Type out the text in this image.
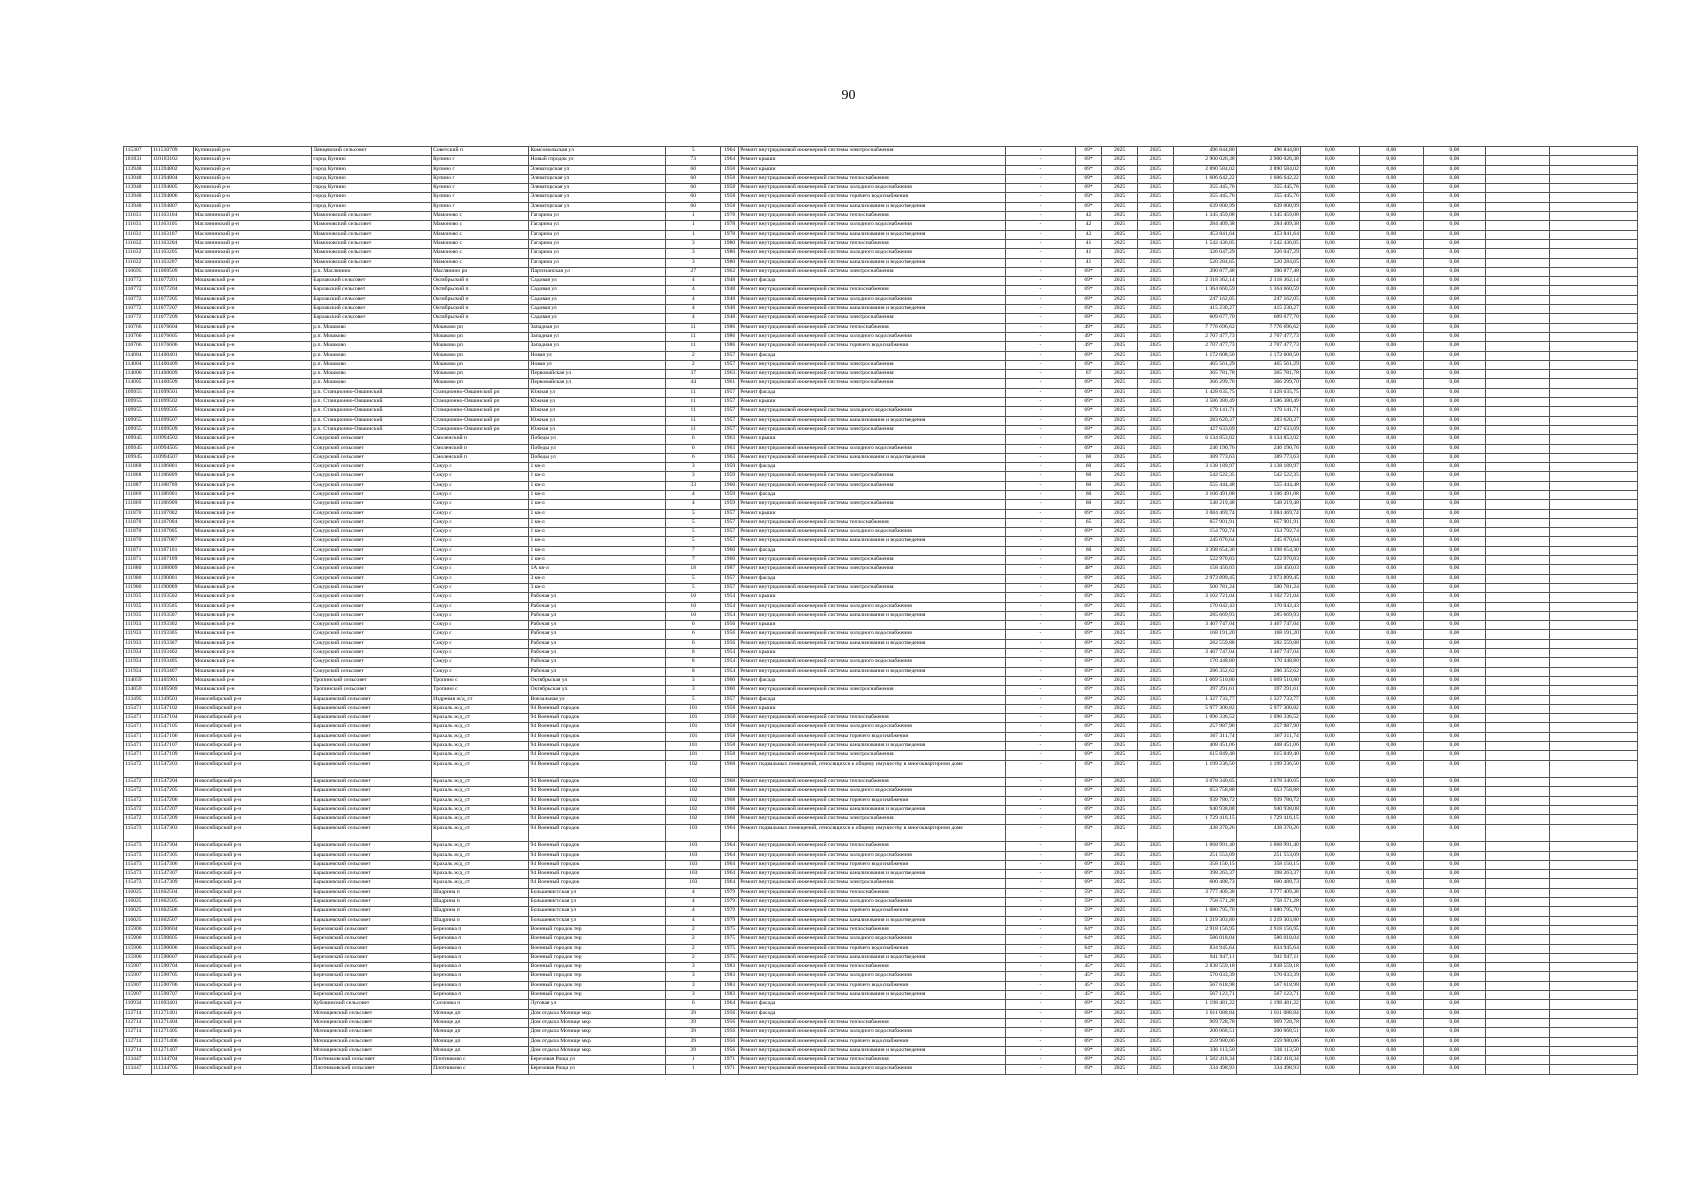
90
115307	111530709	Купинский р-н	Лянцевский сельсовет	Советский п	Комсомольская ул	5	1964	Ремонт внутридомовой инженерной системы электроснабжения	-	69*	2025	2025	496 844,80	496 844,80	0,00	0,00	0,00		
101831	110183102	Купинский р-н	город Купино	Купино г	Новый городок ул	73	1964	Ремонт крыши	-	69*	2025	2025	2 900 026,38	2 900 026,38	0,00	0,00	0,00		
113948	111394802	Купинский р-н	город Купино	Купино г	Элеваторская ул	60	1958	Ремонт крыши	-	69*	2025	2025	2 890 584,02	2 890 584,02	0,00	0,00	0,00		
113948	111394804	Купинский р-н	город Купино	Купино г	Элеваторская ул	60	1958	Ремонт внутридомовой инженерной системы теплоснабжения	-	69*	2025	2025	1 606 642,22	1 606 642,22	0,00	0,00	0,00		
113948	111394805	Купинский р-н	город Купино	Купино г	Элеваторская ул	60	1958	Ремонт внутридомовой инженерной системы холодного водоснабжения	-	69*	2025	2025	355 445,76	355 445,76	0,00	0,00	0,00		
113948	111394806	Купинский р-н	город Купино	Купино г	Элеваторская ул	60	1958	Ремонт внутридомовой инженерной системы горячего водоснабжения	-	69*	2025	2025	355 445,76	355 445,76	0,00	0,00	0,00		
113948	111394807	Купинский р-н	город Купино	Купино г	Элеваторская ул	60	1958	Ремонт внутридомовой инженерной системы канализования и водоотведения	-	69*	2025	2025	639 000,99	639 000,99	0,00	0,00	0,00		
111631	111163104	Маслянинский р-н	Мамоновский сельсовет	Мамоново с	Гагарина ул	1	1978	Ремонт внутридомовой инженерной системы теплоснабжения	-	42	2025	2025	1 345 459,08	1 345 459,08	0,00	0,00	0,00		
111631	111163105	Маслянинский р-н	Мамоновский сельсовет	Мамоново с	Гагарина ул	1	1978	Ремонт внутридомовой инженерной системы холодного водоснабжения	-	42	2025	2025	284 409,38	284 409,38	0,00	0,00	0,00		
111631	111163107	Маслянинский р-н	Мамоновский сельсовет	Мамоново с	Гагарина ул	1	1978	Ремонт внутридомовой инженерной системы канализования и водоотведения	-	42	2025	2025	453 841,64	453 841,64	0,00	0,00	0,00		
111632	111163204	Маслянинский р-н	Мамоновский сельсовет	Мамоново с	Гагарина ул	3	1980	Ремонт внутридомовой инженерной системы теплоснабжения	-	41	2025	2025	1 542 436,05	1 542 436,05	0,00	0,00	0,00		
111632	111163205	Маслянинский р-н	Мамоновский сельсовет	Мамоново с	Гагарина ул	3	1980	Ремонт внутридомовой инженерной системы холодного водоснабжения	-	41	2025	2025	326 047,29	326 047,29	0,00	0,00	0,00		
111632	111163207	Маслянинский р-н	Мамоновский сельсовет	Мамоново с	Гагарина ул	3	1980	Ремонт внутридомовой инженерной системы канализования и водоотведения	-	41	2025	2025	520 284,65	520 284,65	0,00	0,00	0,00		
110695	111069509	Маслянинский р-н	р.п. Маслянино	Маслянино рп	Партизанская ул	27	1962	Ремонт внутридомовой инженерной системы электроснабжения	-	69*	2025	2025	390 877,48	390 877,48	0,00	0,00	0,00		
110772	111077201	Мошковский р-н	Барлакский сельсовет	Октябрьский п	Садовая ул	4	1948	Ремонт фасада	-	69*	2025	2025	2 318 362,14	2 318 362,14	0,00	0,00	0,00		
110772	111077204	Мошковский р-н	Барлакский сельсовет	Октябрьский п	Садовая ул	4	1948	Ремонт внутридомовой инженерной системы теплоснабжения	-	69*	2025	2025	1 364 660,59	1 364 660,59	0,00	0,00	0,00		
110772	111077205	Мошковский р-н	Барлакский сельсовет	Октябрьский п	Садовая ул	4	1948	Ремонт внутридомовой инженерной системы холодного водоснабжения	-	69*	2025	2025	247 162,05	247 162,05	0,00	0,00	0,00		
110772	111077207	Мошковский р-н	Барлакский сельсовет	Октябрьский п	Садовая ул	4	1948	Ремонт внутридомовой инженерной системы канализования и водоотведения	-	69*	2025	2025	415 230,27	415 230,27	0,00	0,00	0,00		
110772	111077209	Мошковский р-н	Барлакский сельсовет	Октябрьский п	Садовая ул	4	1948	Ремонт внутридомовой инженерной системы электроснабжения	-	69*	2025	2025	609 677,70	609 677,70	0,00	0,00	0,00		
110766	111076604	Мошковский р-н	р.п. Мошково	Мошково рп	Западная ул	11	1986	Ремонт внутридомовой инженерной системы теплоснабжения	-	49*	2025	2025	7 776 696,62	7 776 696,62	0,00	0,00	0,00		
110766	111076605	Мошковский р-н	р.п. Мошково	Мошково рп	Западная ул	11	1986	Ремонт внутридомовой инженерной системы холодного водоснабжения	-	49*	2025	2025	2 707 477,73	2 707 477,73	0,00	0,00	0,00		
110766	111076606	Мошковский р-н	р.п. Мошково	Мошково рп	Западная ул	11	1986	Ремонт внутридомовой инженерной системы горячего водоснабжения	-	49*	2025	2025	2 707 477,73	2 707 477,73	0,00	0,00	0,00		
114004	111400401	Мошковский р-н	р.п. Мошково	Мошково рп	Новая ул	2	1957	Ремонт фасада	-	69*	2025	2025	1 172 608,50	1 172 608,50	0,00	0,00	0,00		
114004	111400409	Мошковский р-н	р.п. Мошково	Мошково рп	Новая ул	2	1957	Ремонт внутридомовой инженерной системы электроснабжения	-	69*	2025	2025	465 561,29	465 561,29	0,00	0,00	0,00		
114006	111400609	Мошковский р-н	р.п. Мошково	Мошково рп	Первомайская ул	37	1963	Ремонт внутридомовой инженерной системы электроснабжения	-	67	2025	2025	365 781,78	365 781,78	0,00	0,00	0,00		
114005	111400509	Мошковский р-н	р.п. Мошково	Мошково рп	Первомайская ул	44	1961	Ремонт внутридомовой инженерной системы электроснабжения	-	69*	2025	2025	366 299,70	366 299,70	0,00	0,00	0,00		
109955	111099501	Мошковский р-н	р.п. Станционно-Ояшинский	Станционно-Ояшинский рп	Южная ул	11	1957	Ремонт фасада	-	69*	2025	2025	1 428 635,75	1 428 635,75	0,00	0,00	0,00		
109955	111099502	Мошковский р-н	р.п. Станционно-Ояшинский	Станционно-Ояшинский рп	Южная ул	11	1957	Ремонт крыши	-	69*	2025	2025	3 586 380,49	3 586 380,49	0,00	0,00	0,00		
109955	111099505	Мошковский р-н	р.п. Станционно-Ояшинский	Станционно-Ояшинский рп	Южная ул	11	1957	Ремонт внутридомовой инженерной системы холодного водоснабжения	-	69*	2025	2025	179 141,71	179 141,71	0,00	0,00	0,00		
109955	111099507	Мошковский р-н	р.п. Станционно-Ояшинский	Станционно-Ояшинский рп	Южная ул	11	1957	Ремонт внутридомовой инженерной системы канализования и водоотведения	-	69*	2025	2025	283 620,37	283 620,37	0,00	0,00	0,00		
109955	111099509	Мошковский р-н	р.п. Станционно-Ояшинский	Станционно-Ояшинский рп	Южная ул	11	1957	Ремонт внутридомовой инженерной системы электроснабжения	-	69*	2025	2025	427 633,69	427 633,69	0,00	0,00	0,00		
109945	110994502	Мошковский р-н	Сокурский сельсовет	Смоленский п	Победы ул	6	1963	Ремонт крыши	-	69*	2025	2025	6 134 853,02	6 134 853,02	0,00	0,00	0,00		
109945	110994505	Мошковский р-н	Сокурский сельсовет	Смоленский п	Победы ул	6	1963	Ремонт внутридомовой инженерной системы холодного водоснабжения	-	69*	2025	2025	246 190,76	246 190,76	0,00	0,00	0,00		
109945	110994507	Мошковский р-н	Сокурский сельсовет	Смоленский п	Победы ул	6	1963	Ремонт внутридомовой инженерной системы канализования и водоотведения	-	60	2025	2025	389 773,63	389 773,63	0,00	0,00	0,00		
111868	111186801	Мошковский р-н	Сокурский сельсовет	Сокур с	1 кв-л	3	1959	Ремонт фасада	-	60	2025	2025	3 138 189,97	3 138 189,97	0,00	0,00	0,00		
111868	111186809	Мошковский р-н	Сокурский сельсовет	Сокур с	1 кв-л	3	1959	Ремонт внутридомовой инженерной системы электроснабжения	-	60	2025	2025	542 522,35	542 522,35	0,00	0,00	0,00		
111887	111188709	Мошковский р-н	Сокурский сельсовет	Сокур с	1 кв-л	33	1960	Ремонт внутридомовой инженерной системы электроснабжения	-	60	2025	2025	555 444,48	555 444,48	0,00	0,00	0,00		
111869	111186901	Мошковский р-н	Сокурский сельсовет	Сокур с	1 кв-л	4	1959	Ремонт фасада	-	60	2025	2025	3 106 491,08	3 106 491,08	0,00	0,00	0,00		
111869	111186909	Мошковский р-н	Сокурский сельсовет	Сокур с	1 кв-л	4	1959	Ремонт внутридомовой инженерной системы электроснабжения	-	60	2025	2025	548 219,48	548 219,48	0,00	0,00	0,00		
111870	111187002	Мошковский р-н	Сокурский сельсовет	Сокур с	1 кв-л	5	1957	Ремонт крыши	-	69*	2025	2025	3 084 469,74	3 084 469,74	0,00	0,00	0,00		
111870	111187004	Мошковский р-н	Сокурский сельсовет	Сокур с	1 кв-л	5	1957	Ремонт внутридомовой инженерной системы теплоснабжения	-	65	2025	2025	657 901,91	657 901,91	0,00	0,00	0,00		
111870	111187005	Мошковский р-н	Сокурский сельсовет	Сокур с	1 кв-л	5	1957	Ремонт внутридомовой инженерной системы холодного водоснабжения	-	69*	2025	2025	154 792,74	154 792,74	0,00	0,00	0,00		
111870	111187007	Мошковский р-н	Сокурский сельсовет	Сокур с	1 кв-л	5	1957	Ремонт внутридомовой инженерной системы канализования и водоотведения	-	69*	2025	2025	245 070,64	245 070,64	0,00	0,00	0,00		
111871	111187101	Мошковский р-н	Сокурский сельсовет	Сокур с	1 кв-л	7	1960	Ремонт фасада	-	60	2025	2025	3 398 654,30	3 398 654,30	0,00	0,00	0,00		
111871	111187109	Мошковский р-н	Сокурский сельсовет	Сокур с	1 кв-л	7	1960	Ремонт внутридомовой инженерной системы электроснабжения	-	69*	2025	2025	522 970,83	522 970,83	0,00	0,00	0,00		
111880	111188009	Мошковский р-н	Сокурский сельсовет	Сокур с	1А кв-л	18	1987	Ремонт внутридомовой инженерной системы электроснабжения	-	48*	2025	2025	158 450,03	158 450,03	0,00	0,00	0,00		
111900	111190001	Мошковский р-н	Сокурский сельсовет	Сокур с	3 кв-л	5	1957	Ремонт фасада	-	69*	2025	2025	2 973 899,45	2 973 899,45	0,00	0,00	0,00		
111900	111190009	Мошковский р-н	Сокурский сельсовет	Сокур с	3 кв-л	5	1957	Ремонт внутридомовой инженерной системы электроснабжения	-	69*	2025	2025	500 781,24	500 781,24	0,00	0,00	0,00		
111935	111193502	Мошковский р-н	Сокурский сельсовет	Сокур с	Рабочая ул	10	1954	Ремонт крыши	-	69*	2025	2025	3 102 721,04	3 102 721,04	0,00	0,00	0,00		
111935	111193505	Мошковский р-н	Сокурский сельсовет	Сокур с	Рабочая ул	10	1954	Ремонт внутридомовой инженерной системы холодного водоснабжения	-	69*	2025	2025	170 042,43	170 042,43	0,00	0,00	0,00		
111935	111193507	Мошковский р-н	Сокурский сельсовет	Сокур с	Рабочая ул	10	1954	Ремонт внутридомовой инженерной системы канализования и водоотведения	-	69*	2025	2025	285 669,93	285 669,93	0,00	0,00	0,00		
111933	111193302	Мошковский р-н	Сокурский сельсовет	Сокур с	Рабочая ул	6	1956	Ремонт крыши	-	69*	2025	2025	3 467 747,04	3 467 747,04	0,00	0,00	0,00		
111933	111193305	Мошковский р-н	Сокурский сельсовет	Сокур с	Рабочая ул	6	1956	Ремонт внутридомовой инженерной системы холодного водоснабжения	-	69*	2025	2025	168 191,20	168 191,20	0,00	0,00	0,00		
111933	111193307	Мошковский р-н	Сокурский сельсовет	Сокур с	Рабочая ул	6	1956	Ремонт внутридомовой инженерной системы канализования и водоотведения	-	69*	2025	2025	282 559,88	282 559,88	0,00	0,00	0,00		
111934	111193402	Мошковский р-н	Сокурский сельсовет	Сокур с	Рабочая ул	8	1954	Ремонт крыши	-	69*	2025	2025	3 467 747,04	3 467 747,04	0,00	0,00	0,00		
111934	111193405	Мошковский р-н	Сокурский сельсовет	Сокур с	Рабочая ул	8	1954	Ремонт внутридомовой инженерной системы холодного водоснабжения	-	69*	2025	2025	170 448,80	170 448,80	0,00	0,00	0,00		
111934	111193407	Мошковский р-н	Сокурский сельсовет	Сокур с	Рабочая ул	8	1954	Ремонт внутридомовой инженерной системы канализования и водоотведения	-	69*	2025	2025	286 352,62	286 352,62	0,00	0,00	0,00		
114059	111405901	Мошковский р-н	Тропинский сельсовет	Тропино с	Октябрьская ул	3	1960	Ремонт фасада	-	69*	2025	2025	1 069 510,80	1 069 510,80	0,00	0,00	0,00		
114059	111405909	Мошковский р-н	Тропинский сельсовет	Тропино с	Октябрьская ул	3	1960	Ремонт внутридомовой инженерной системы электроснабжения	-	69*	2025	2025	397 291,61	397 291,61	0,00	0,00	0,00		
113495	111349501	Новосибирский р-н	Барышевский сельсовет	Издревая ж/д_ст	Вокзальная ул	5	1957	Ремонт фасада	-	69*	2025	2025	1 327 733,77	1 327 733,77	0,00	0,00	0,00		
115471	111547102	Новосибирский р-н	Барышевский сельсовет	Крахаль ж/д_ст	94 Военный городок	101	1958	Ремонт крыши	-	69*	2025	2025	5 977 300,82	5 977 300,82	0,00	0,00	0,00		
115471	111547104	Новосибирский р-н	Барышевский сельсовет	Крахаль ж/д_ст	94 Военный городок	101	1958	Ремонт внутридомовой инженерной системы теплоснабжения	-	69*	2025	2025	1 096 336,52	1 096 336,52	0,00	0,00	0,00		
115471	111547105	Новосибирский р-н	Барышевский сельсовет	Крахаль ж/д_ст	94 Военный городок	101	1958	Ремонт внутридомовой инженерной системы холодного водоснабжения	-	69*	2025	2025	257 987,90	257 987,90	0,00	0,00	0,00		
115471	111547106	Новосибирский р-н	Барышевский сельсовет	Крахаль ж/д_ст	94 Военный городок	101	1958	Ремонт внутридомовой инженерной системы горячего водоснабжения	-	69*	2025	2025	367 311,74	367 311,74	0,00	0,00	0,00		
115471	111547107	Новосибирский р-н	Барышевский сельсовет	Крахаль ж/д_ст	94 Военный городок	101	1958	Ремонт внутридомовой инженерной системы канализования и водоотведения	-	69*	2025	2025	408 451,06	408 451,06	0,00	0,00	0,00		
115471	111547109	Новосибирский р-н	Барышевский сельсовет	Крахаль ж/д_ст	94 Военный городок	101	1958	Ремонт внутридомовой инженерной системы электроснабжения	-	69*	2025	2025	615 849,40	615 849,40	0,00	0,00	0,00		
115472	111547203	Новосибирский р-н	Барышевский сельсовет	Крахаль ж/д_ст	94 Военный городок	102	1968	Ремонт подвальных помещений, относящихся к общему имуществу в многоквартирном доме	-	69*	2025	2025	1 199 236,50	1 199 236,50	0,00	0,00	0,00		
115472	111547204	Новосибирский р-н	Барышевский сельсовет	Крахаль ж/д_ст	94 Военный городок	102	1968	Ремонт внутридомовой инженерной системы теплоснабжения	-	69*	2025	2025	3 078 340,65	3 078 340,65	0,00	0,00	0,00		
115472	111547205	Новосибирский р-н	Барышевский сельсовет	Крахаль ж/д_ст	94 Военный городок	102	1968	Ремонт внутридомовой инженерной системы холодного водоснабжения	-	69*	2025	2025	653 758,88	653 758,88	0,00	0,00	0,00		
115472	111547206	Новосибирский р-н	Барышевский сельсовет	Крахаль ж/д_ст	94 Военный городок	102	1968	Ремонт внутридомовой инженерной системы горячего водоснабжения	-	69*	2025	2025	939 780,72	939 780,72	0,00	0,00	0,00		
115472	111547207	Новосибирский р-н	Барышевский сельсовет	Крахаль ж/д_ст	94 Военный городок	102	1968	Ремонт внутридомовой инженерной системы канализования и водоотведения	-	69*	2025	2025	940 938,08	940 938,08	0,00	0,00	0,00		
115472	111547209	Новосибирский р-н	Барышевский сельсовет	Крахаль ж/д_ст	94 Военный городок	102	1968	Ремонт внутридомовой инженерной системы электроснабжения	-	69*	2025	2025	1 729 416,15	1 729 416,15	0,00	0,00	0,00		
115473	111547303	Новосибирский р-н	Барышевский сельсовет	Крахаль ж/д_ст	94 Военный городок	103	1964	Ремонт подвальных помещений, относящихся к общему имуществу в многоквартирном доме	-	69*	2025	2025	438 370,26	438 370,26	0,00	0,00	0,00		
115473	111547304	Новосибирский р-н	Барышевский сельсовет	Крахаль ж/д_ст	94 Военный городок	103	1964	Ремонт внутридомовой инженерной системы теплоснабжения	-	69*	2025	2025	1 068 991,40	1 068 991,40	0,00	0,00	0,00		
115473	111547305	Новосибирский р-н	Барышевский сельсовет	Крахаль ж/д_ст	94 Военный городок	103	1964	Ремонт внутридомовой инженерной системы холодного водоснабжения	-	69*	2025	2025	251 553,09	251 553,09	0,00	0,00	0,00		
115473	111547306	Новосибирский р-н	Барышевский сельсовет	Крахаль ж/д_ст	94 Военный городок	103	1964	Ремонт внутридомовой инженерной системы горячего водоснабжения	-	69*	2025	2025	358 150,15	358 150,15	0,00	0,00	0,00		
115473	111547307	Новосибирский р-н	Барышевский сельсовет	Крахаль ж/д_ст	94 Военный городок	103	1964	Ремонт внутридомовой инженерной системы канализования и водоотведения	-	69*	2025	2025	398 263,37	398 263,37	0,00	0,00	0,00		
115473	111547309	Новосибирский р-н	Барышевский сельсовет	Крахаль ж/д_ст	94 Военный городок	103	1964	Ремонт внутридомовой инженерной системы электроснабжения	-	69*	2025	2025	600 488,73	600 488,73	0,00	0,00	0,00		
116025	111602504	Новосибирский р-н	Барышевский сельсовет	Шадрина п	Большевистская ул	4	1979	Ремонт внутридомовой инженерной системы теплоснабжения	-	59*	2025	2025	3 777 409,38	3 777 409,38	0,00	0,00	0,00		
116025	111602505	Новосибирский р-н	Барышевский сельсовет	Шадрина п	Большевистская ул	4	1979	Ремонт внутридомовой инженерной системы холодного водоснабжения	-	59*	2025	2025	758 571,28	758 571,28	0,00	0,00	0,00		
116025	111602506	Новосибирский р-н	Барышевский сельсовет	Шадрина п	Большевистская ул	4	1979	Ремонт внутридомовой инженерной системы горячего водоснабжения	-	59*	2025	2025	1 080 795,70	1 080 795,70	0,00	0,00	0,00		
116025	111602507	Новосибирский р-н	Барышевский сельсовет	Шадрина п	Большевистская ул	4	1979	Ремонт внутридомовой инженерной системы канализования и водоотведения	-	59*	2025	2025	1 219 303,80	1 219 303,80	0,00	0,00	0,00		
115906	111590604	Новосибирский р-н	Березовский сельсовет	Березовка п	Военный городок тер	2	1975	Ремонт внутридомовой инженерной системы теплоснабжения	-	64*	2025	2025	2 918 156,95	2 918 156,95	0,00	0,00	0,00		
115906	111590605	Новосибирский р-н	Березовский сельсовет	Березовка п	Военный городок тер	2	1975	Ремонт внутридомовой инженерной системы холодного водоснабжения	-	64*	2025	2025	586 018,04	586 018,04	0,00	0,00	0,00		
115906	111590606	Новосибирский р-н	Березовский сельсовет	Березовка п	Военный городок тер	2	1975	Ремонт внутридомовой инженерной системы горячего водоснабжения	-	64*	2025	2025	834 945,64	834 945,64	0,00	0,00	0,00		
115906	111590607	Новосибирский р-н	Березовский сельсовет	Березовка п	Военный городок тер	2	1975	Ремонт внутридомовой инженерной системы канализования и водоотведения	-	64*	2025	2025	941 947,11	941 947,11	0,00	0,00	0,00		
115907	111590704	Новосибирский р-н	Березовский сельсовет	Березовка п	Военный городок тер	3	1983	Ремонт внутридомовой инженерной системы теплоснабжения	-	45*	2025	2025	2 838 559,18	2 838 559,18	0,00	0,00	0,00		
115907	111590705	Новосибирский р-н	Березовский сельсовет	Березовка п	Военный городок тер	3	1983	Ремонт внутридомовой инженерной системы холодного водоснабжения	-	45*	2025	2025	570 033,39	570 033,39	0,00	0,00	0,00		
115907	111590706	Новосибирский р-н	Березовский сельсовет	Березовка п	Военный городок тер	3	1983	Ремонт внутридомовой инженерной системы горячего водоснабжения	-	45*	2025	2025	567 618,98	567 618,98	0,00	0,00	0,00		
115907	111590707	Новосибирский р-н	Березовский сельсовет	Березовка п	Военный городок тер	3	1983	Ремонт внутридомовой инженерной системы канализования и водоотведения	-	45*	2025	2025	567 123,71	567 123,71	0,00	0,00	0,00		
110934	111093401	Новосибирский р-н	Кубовинский сельсовет	Сосновка п	Луговая ул	6	1964	Ремонт фасада	-	69*	2025	2025	1 198 481,22	1 198 481,22	0,00	0,00	0,00		
112714	111271401	Новосибирский р-н	Мочищенский сельсовет	Мочище дп	Дом отдыха Мочище мкр	39	1956	Ремонт фасада	-	69*	2025	2025	1 011 088,84	1 011 088,84	0,00	0,00	0,00		
112714	111271404	Новосибирский р-н	Мочищенский сельсовет	Мочище дп	Дом отдыха Мочище мкр	39	1956	Ремонт внутридомовой инженерной системы теплоснабжения	-	69*	2025	2025	969 728,78	969 728,78	0,00	0,00	0,00		
112714	111271405	Новосибирский р-н	Мочищенский сельсовет	Мочище дп	Дом отдыха Мочище мкр	39	1956	Ремонт внутридомовой инженерной системы холодного водоснабжения	-	69*	2025	2025	200 068,51	200 068,51	0,00	0,00	0,00		
112714	111271406	Новосибирский р-н	Мочищенский сельсовет	Мочище дп	Дом отдыха Мочище мкр	39	1956	Ремонт внутридомовой инженерной системы горячего водоснабжения	-	69*	2025	2025	259 980,06	259 980,06	0,00	0,00	0,00		
112714	111271407	Новосибирский р-н	Мочищенский сельсовет	Мочище дп	Дом отдыха Мочище мкр	39	1956	Ремонт внутридомовой инженерной системы канализования и водоотведения	-	69*	2025	2025	336 113,50	336 113,50	0,00	0,00	0,00		
113447	111344704	Новосибирский р-н	Плотниковский сельсовет	Плотниково с	Березовая Роща ул	1	1971	Ремонт внутридомовой инженерной системы теплоснабжения	-	69*	2025	2025	1 582 418,34	1 582 418,34	0,00	0,00	0,00		
113447	111344705	Новосибирский р-н	Плотниковский сельсовет	Плотниково с	Березовая Роща ул	1	1971	Ремонт внутридомовой инженерной системы холодного водоснабжения	-	69*	2025	2025	334 498,93	334 498,93	0,00	0,00	0,00		
